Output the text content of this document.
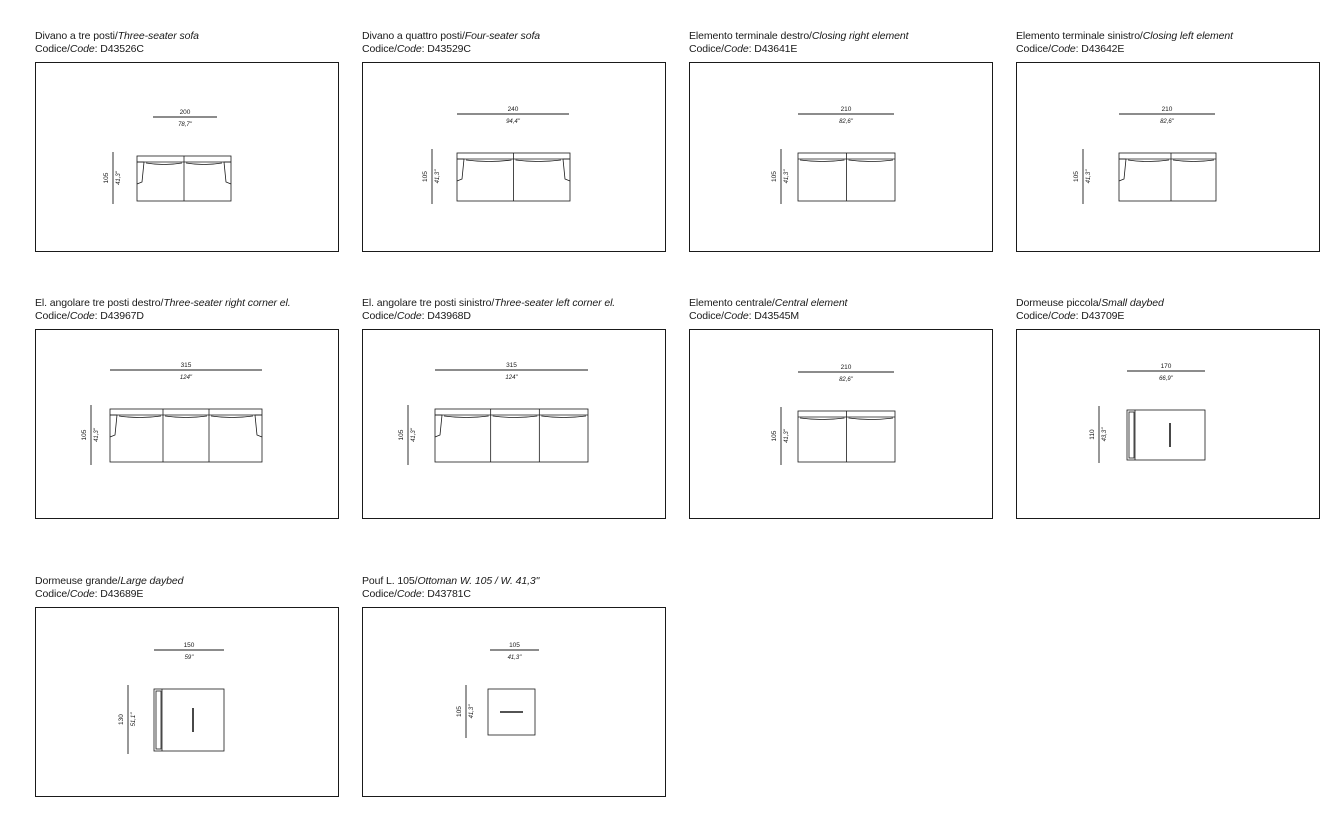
Divano a tre posti/Three-seater sofa
Codice/Code: D43526C
200
78,7"
105 41,3"
Divano a quattro posti/Four-seater sofa
Codice/Code: D43529C
240
94,4"
105 41,3"
Elemento terminale destro/Closing right element
Codice/Code: D43641E
210
82,6"
105 41,3"
Elemento terminale sinistro/Closing left element
Codice/Code: D43642E
210
82,6"
105 41,3"
El. angolare tre posti destro/Three-seater right corner el.
Codice/Code: D43967D
315
124"
105 41,3"
El. angolare tre posti sinistro/Three-seater left corner el.
Codice/Code: D43968D
315
124"
105 41,3"
Elemento centrale/Central element
Codice/Code: D43545M
210
82,6"
105 41,3"
Dormeuse piccola/Small daybed
Codice/Code: D43709E
170
66,9"
110 43,3"
Dormeuse grande/Large daybed
Codice/Code: D43689E
150
59"
130 51,1"
Pouf L. 105/Ottoman W. 105 / W. 41,3"
Codice/Code: D43781C
105
41,3"
105 41,3"
